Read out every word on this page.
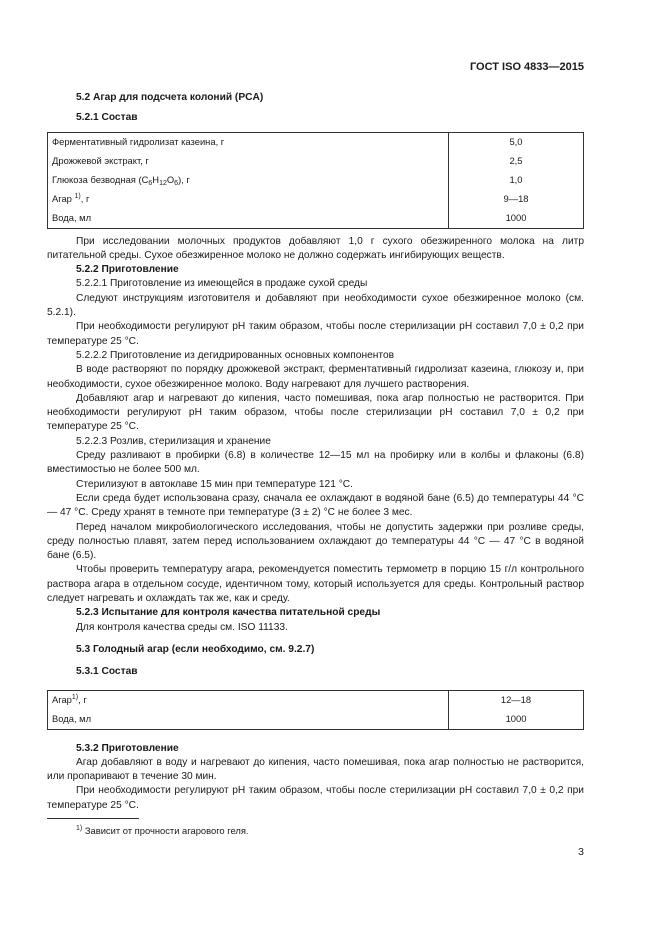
ГОСТ ISO 4833—2015

5.2 Агар для подсчета колоний (PCA)

5.2.1 Состав

Ферментативный гидролизат казеина, г	5,0
Дрожжевой экстракт, г	2,5
Глюкоза безводная $(C_6H_{12}O_6)$, г	1,0
Агар $^{1)}$, г	9—18
Вода, мл	1000

При исследовании молочных продуктов добавляют 1,0 г сухого обезжиренного молока на литр питательной среды. Сухое обезжиренное молоко не должно содержать ингибирующих веществ.

5.2.2 Приготовление

5.2.2.1 Приготовление из имеющейся в продаже сухой среды

Следуют инструкциям изготовителя и добавляют при необходимости сухое обезжиренное молоко (см. 5.2.1).

При необходимости регулируют pH таким образом, чтобы после стерилизации pH составил 7,0 ± 0,2 при температуре 25 °С.

5.2.2.2 Приготовление из дегидрированных основных компонентов

В воде растворяют по порядку дрожжевой экстракт, ферментативный гидролизат казеина, глюкозу и, при необходимости, сухое обезжиренное молоко. Воду нагревают для лучшего растворения.

Добавляют агар и нагревают до кипения, часто помешивая, пока агар полностью не растворится. При необходимости регулируют pH таким образом, чтобы после стерилизации pH составил 7,0 ± 0,2 при температуре 25 °С.

5.2.2.3 Розлив, стерилизация и хранение

Среду разливают в пробирки (6.8) в количестве 12—15 мл на пробирку или в колбы и флаконы (6.8) вместимостью не более 500 мл.

Стерилизуют в автоклаве 15 мин при температуре 121 °С.

Если среда будет использована сразу, сначала ее охлаждают в водяной бане (6.5) до температуры 44 °С — 47 °С. Среду хранят в темноте при температуре (3 ± 2) °С не более 3 мес.

Перед началом микробиологического исследования, чтобы не допустить задержки при розливе среды, среду полностью плавят, затем перед использованием охлаждают до температуры 44 °С — 47 °С в водяной бане (6.5).

Чтобы проверить температуру агара, рекомендуется поместить термометр в порцию 15 г/л контрольного раствора агара в отдельном сосуде, идентичном тому, который используется для среды. Контрольный раствор следует нагревать и охлаждать так же, как и среду.

5.2.3 Испытание для контроля качества питательной среды

Для контроля качества среды см. ISO 11133.

5.3 Голодный агар (если необходимо, см. 9.2.7)

5.3.1 Состав

Агар$^{1)}$, г	12—18
Вода, мл	1000

5.3.2 Приготовление

Агар добавляют в воду и нагревают до кипения, часто помешивая, пока агар полностью не растворится, или пропаривают в течение 30 мин.

При необходимости регулируют pH таким образом, чтобы после стерилизации pH составил 7,0 ± 0,2 при температуре 25 °С.

$^{1)}$ Зависит от прочности агарового геля.
3
